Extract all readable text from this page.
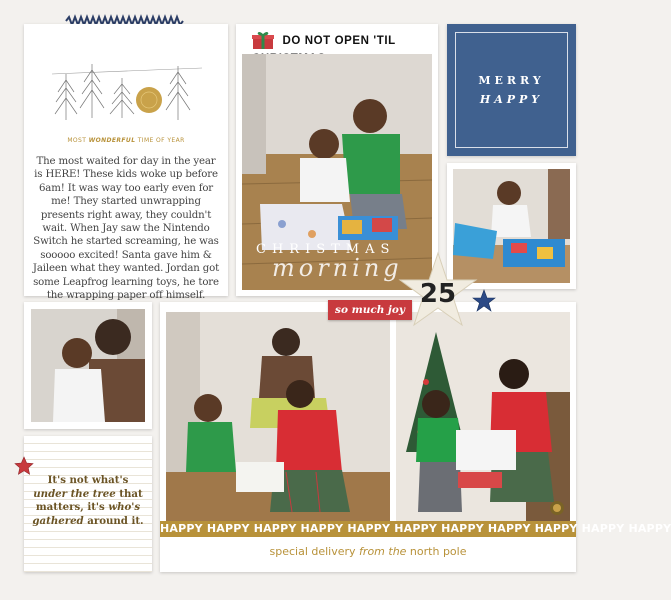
MOST WONDERFUL TIME OF YEAR
The most waited for day in the year is HERE! These kids woke up before 6am! It was way too early even for me! They started unwrapping presents right away, they couldn't wait. When Jay saw the Nintendo Switch he started screaming, he was sooooo excited! Santa gave him & Jaileen what they wanted. Jordan got some Leapfrog learning toys, he tore the wrapping paper off himself.
DO NOT OPEN 'TIL
CHRISTMAS
morning
MERRY
HAPPY
It's not what's under the tree that matters, it's who's gathered around it.
HAPPY HAPPY HAPPY HAPPY HAPPY HAPPY HAPPY HAPPY HAPPY HAPPY HAPPY
special delivery from the north pole
so much joy
25
